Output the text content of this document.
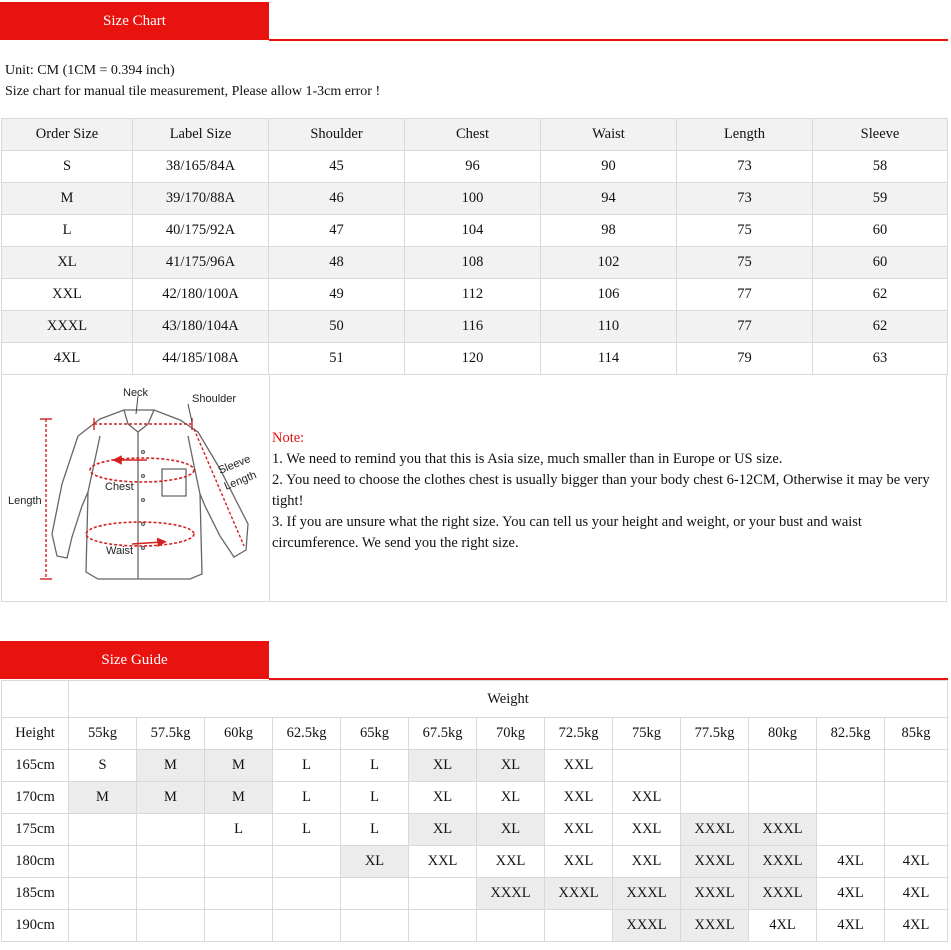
Size Chart
Unit: CM (1CM = 0.394 inch)
Size chart for manual tile measurement, Please allow 1-3cm error !
Order Size	Label Size	Shoulder	Chest	Waist	Length	Sleeve
S	38/165/84A	45	96	90	73	58
M	39/170/88A	46	100	94	73	59
L	40/175/92A	47	104	98	75	60
XL	41/175/96A	48	108	102	75	60
XXL	42/180/100A	49	112	106	77	62
XXXL	43/180/104A	50	116	110	77	62
4XL	44/185/108A	51	120	114	79	63
Neck	Shoulder
Sleeve
Length
Length
Chest
Waist
Note:
1. We need to remind you that this is Asia size, much smaller than in Europe or US size.
2. You need to choose the clothes chest is usually bigger than your body chest 6-12CM, Otherwise it may be very tight!
3. If you are unsure what the right size. You can tell us your height and weight, or your bust and waist circumference. We send you the right size.
Size Guide
	Weight												
Height	55kg	57.5kg	60kg	62.5kg	65kg	67.5kg	70kg	72.5kg	75kg	77.5kg	80kg	82.5kg	85kg
165cm	S	M	M	L	L	XL	XL	XXL					
170cm	M	M	M	L	L	XL	XL	XXL	XXL				
175cm			L	L	L	XL	XL	XXL	XXL	XXXL	XXXL		
180cm					XL	XXL	XXL	XXL	XXL	XXXL	XXXL	4XL	4XL
185cm							XXXL	XXXL	XXXL	XXXL	XXXL	4XL	4XL
190cm									XXXL	XXXL	4XL	4XL	4XL
